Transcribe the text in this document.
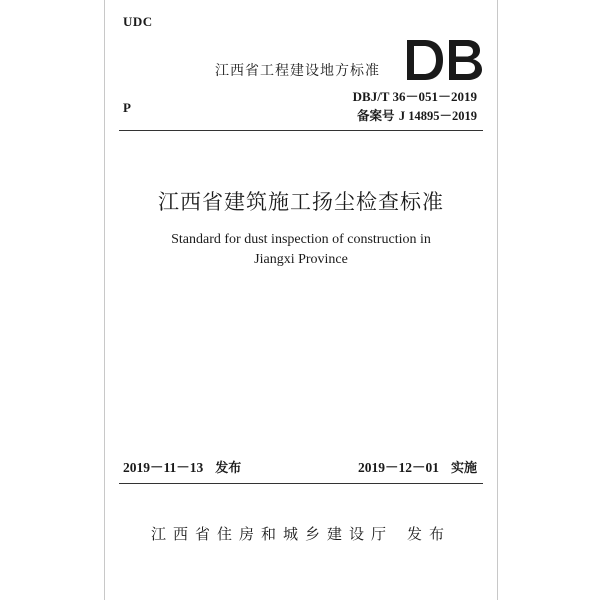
UDC
P
江西省工程建设地方标准
DBJ/T 36－051－2019
备案号 J 14895－2019
江西省建筑施工扬尘检查标准
Standard for dust inspection of construction in
Jiangxi Province
2019－11－13 发布	2019－12－01 实施
江西省住房和城乡建设厅 发布
